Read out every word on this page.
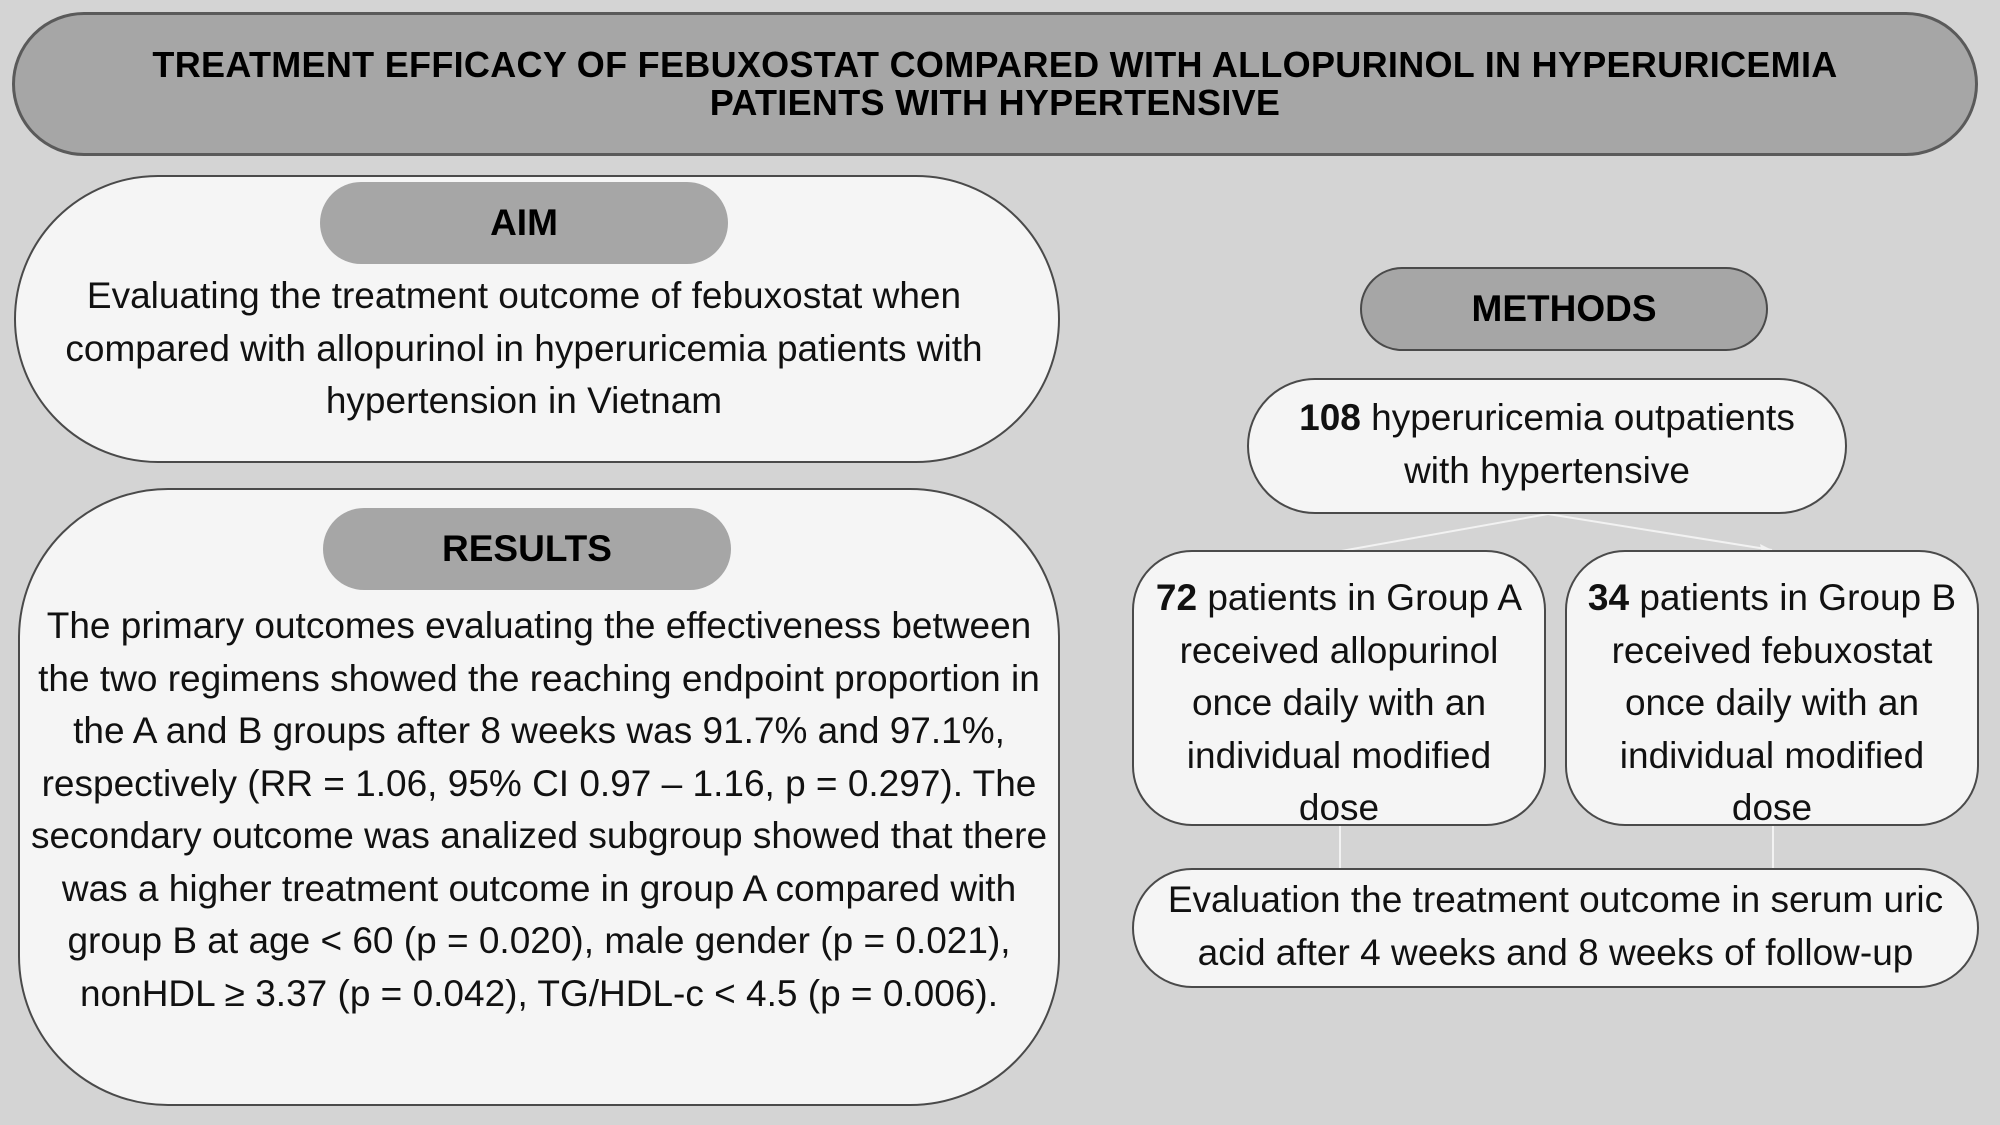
TREATMENT EFFICACY OF FEBUXOSTAT COMPARED WITH ALLOPURINOL IN HYPERURICEMIA
PATIENTS WITH HYPERTENSIVE
AIM
Evaluating the treatment outcome of febuxostat when compared with allopurinol in hyperuricemia patients with hypertension in Vietnam
RESULTS
The primary outcomes evaluating the effectiveness between the two regimens showed the reaching endpoint proportion in the A and B groups after 8 weeks was 91.7% and 97.1%, respectively (RR = 1.06, 95% CI 0.97 – 1.16, p = 0.297). The secondary outcome was analized subgroup showed that there was a higher treatment outcome in group A compared with group B at age < 60 (p = 0.020), male gender (p = 0.021), nonHDL ≥ 3.37 (p = 0.042), TG/HDL-c < 4.5 (p = 0.006).
METHODS
108 hyperuricemia outpatients with hypertensive
72 patients in Group A received allopurinol once daily with an individual modified dose
34 patients in Group B received febuxostat once daily with an individual modified dose
Evaluation the treatment outcome in serum uric acid after 4 weeks and 8 weeks of follow-up
